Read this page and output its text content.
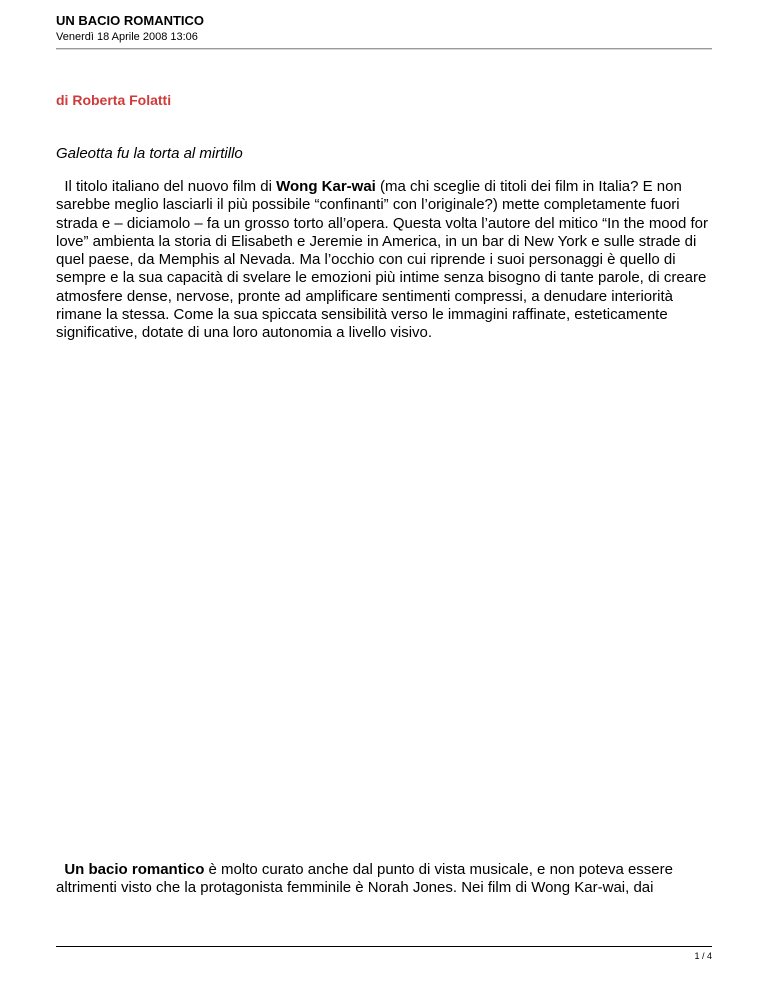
UN BACIO ROMANTICO
Venerdì 18 Aprile 2008 13:06
di Roberta Folatti
Galeotta fu la torta al mirtillo

Il titolo italiano del nuovo film di Wong Kar-wai (ma chi sceglie di titoli dei film in Italia? E non sarebbe meglio lasciarli il più possibile “confinanti” con l’originale?) mette completamente fuori strada e – diciamolo – fa un grosso torto all’opera. Questa volta l’autore del mitico “In the mood for love” ambienta la storia di Elisabeth e Jeremie in America, in un bar di New York e sulle strade di quel paese, da Memphis al Nevada. Ma l’occhio con cui riprende i suoi personaggi è quello di sempre e la sua capacità di svelare le emozioni più intime senza bisogno di tante parole, di creare atmosfere dense, nervose, pronte ad amplificare sentimenti compressi, a denudare interiorità rimane la stessa. Come la sua spiccata sensibilità verso le immagini raffinate, esteticamente significative, dotate di una loro autonomia a livello visivo.

Un bacio romantico è molto curato anche dal punto di vista musicale, e non poteva essere altrimenti visto che la protagonista femminile è Norah Jones. Nei film di Wong Kar-wai, dai

1 / 4
